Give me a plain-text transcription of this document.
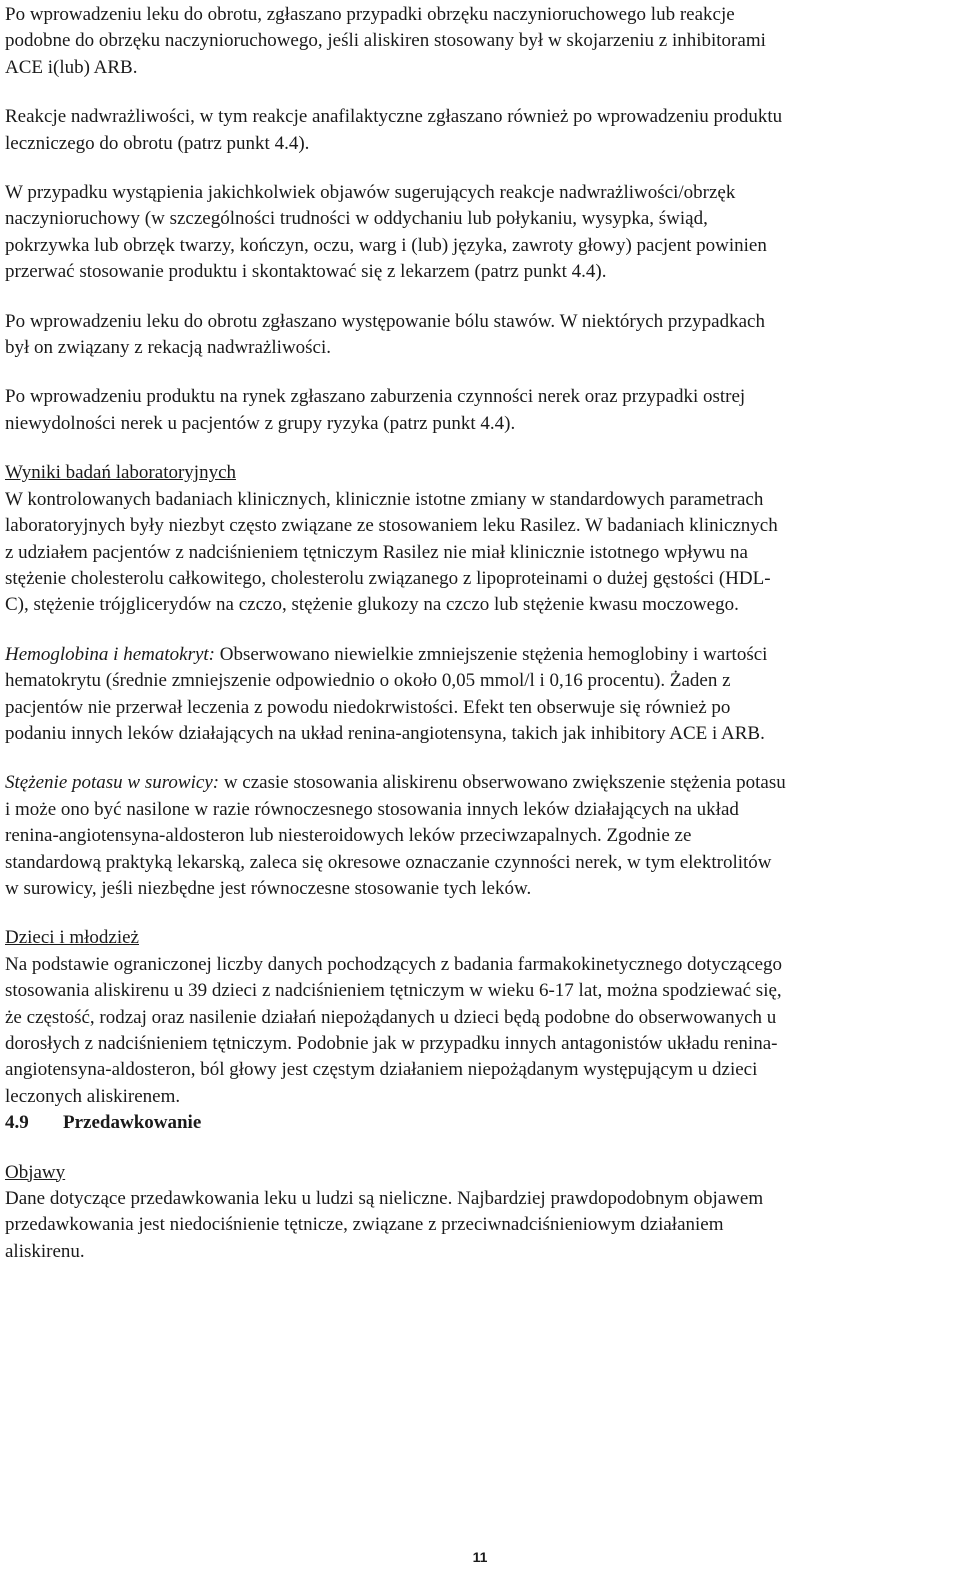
Po wprowadzeniu leku do obrotu, zgłaszano przypadki obrzęku naczynioruchowego lub reakcje
podobne do obrzęku naczynioruchowego, jeśli aliskiren stosowany był w skojarzeniu z inhibitorami
ACE i(lub) ARB.

Reakcje nadwrażliwości, w tym reakcje anafilaktyczne zgłaszano również po wprowadzeniu produktu
leczniczego do obrotu (patrz punkt 4.4).

W przypadku wystąpienia jakichkolwiek objawów sugerujących reakcje nadwrażliwości/obrzęk
naczynioruchowy (w szczególności trudności w oddychaniu lub połykaniu, wysypka, świąd,
pokrzywka lub obrzęk twarzy, kończyn, oczu, warg i (lub) języka, zawroty głowy) pacjent powinien
przerwać stosowanie produktu i skontaktować się z lekarzem (patrz punkt 4.4).

Po wprowadzeniu leku do obrotu zgłaszano występowanie bólu stawów. W niektórych przypadkach
był on związany z rekacją nadwrażliwości.

Po wprowadzeniu produktu na rynek zgłaszano zaburzenia czynności nerek oraz przypadki ostrej
niewydolności nerek u pacjentów z grupy ryzyka (patrz punkt 4.4).

Wyniki badań laboratoryjnych
W kontrolowanych badaniach klinicznych, klinicznie istotne zmiany w standardowych parametrach
laboratoryjnych były niezbyt często związane ze stosowaniem leku Rasilez. W badaniach klinicznych
z udziałem pacjentów z nadciśnieniem tętniczym Rasilez nie miał klinicznie istotnego wpływu na
stężenie cholesterolu całkowitego, cholesterolu związanego z lipoproteinami o dużej gęstości (HDL-
C), stężenie trójglicerydów na czczo, stężenie glukozy na czczo lub stężenie kwasu moczowego.

Hemoglobina i hematokryt: Obserwowano niewielkie zmniejszenie stężenia hemoglobiny i wartości
hematokrytu (średnie zmniejszenie odpowiednio o około 0,05 mmol/l i 0,16 procentu). Żaden z
pacjentów nie przerwał leczenia z powodu niedokrwistości. Efekt ten obserwuje się również po
podaniu innych leków działających na układ renina-angiotensyna, takich jak inhibitory ACE i ARB.

Stężenie potasu w surowicy: w czasie stosowania aliskirenu obserwowano zwiększenie stężenia potasu
i może ono być nasilone w razie równoczesnego stosowania innych leków działających na układ
renina-angiotensyna-aldosteron lub niesteroidowych leków przeciwzapalnych. Zgodnie ze
standardową praktyką lekarską, zaleca się okresowe oznaczanie czynności nerek, w tym elektrolitów
w surowicy, jeśli niezbędne jest równoczesne stosowanie tych leków.

Dzieci i młodzież
Na podstawie ograniczonej liczby danych pochodzących z badania farmakokinetycznego dotyczącego
stosowania aliskirenu u 39 dzieci z nadciśnieniem tętniczym w wieku 6-17 lat, można spodziewać się,
że częstość, rodzaj oraz nasilenie działań niepożądanych u dzieci będą podobne do obserwowanych u
dorosłych z nadciśnieniem tętniczym. Podobnie jak w przypadku innych antagonistów układu renina-
angiotensyna-aldosteron, ból głowy jest częstym działaniem niepożądanym występującym u dzieci
leczonych aliskirenem.

4.9 Przedawkowanie

Objawy
Dane dotyczące przedawkowania leku u ludzi są nieliczne. Najbardziej prawdopodobnym objawem
przedawkowania jest niedociśnienie tętnicze, związane z przeciwnadciśnieniowym działaniem
aliskirenu.

11
